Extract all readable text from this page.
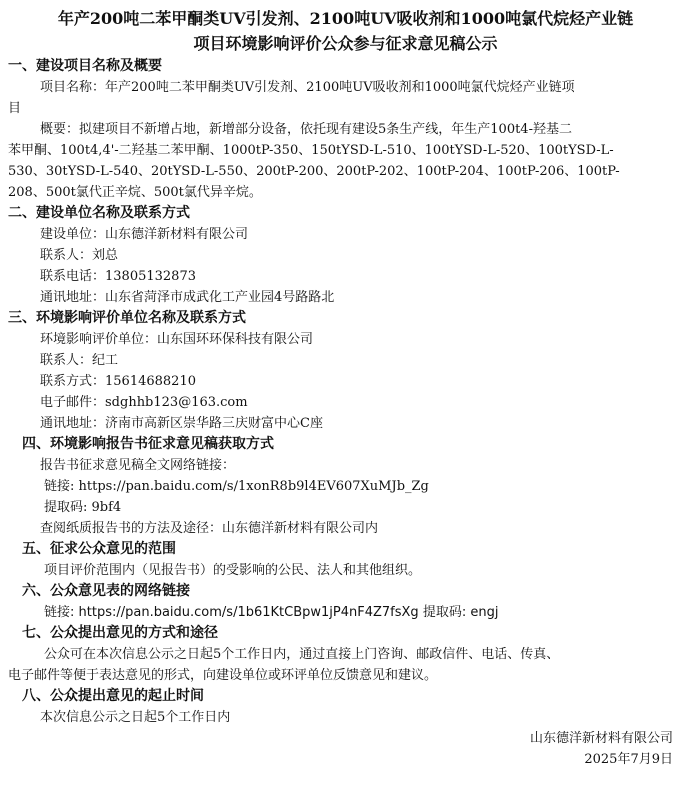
年产200吨二苯甲酮类UV引发剂、2100吨UV吸收剂和1000吨氯代烷烃产业链

项目环境影响评价公众参与征求意见稿公示

一、建设项目名称及概要

项目名称：年产200吨二苯甲酮类UV引发剂、2100吨UV吸收剂和1000吨氯代烷烃产业链项

目

概要：拟建项目不新增占地，新增部分设备，依托现有建设5条生产线，年生产100t4-羟基二

苯甲酮、100t4,4'-二羟基二苯甲酮、1000tP-350、150tYSD-L-510、100tYSD-L-520、100tYSD-L-

530、30tYSD-L-540、20tYSD-L-550、200tP-200、200tP-202、100tP-204、100tP-206、100tP-

208、500t氯代正辛烷、500t氯代异辛烷。

二、建设单位名称及联系方式

建设单位：山东德洋新材料有限公司

联系人：刘总

联系电话：13805132873

通讯地址：山东省菏泽市成武化工产业园4号路路北

三、环境影响评价单位名称及联系方式

环境影响评价单位：山东国环环保科技有限公司

联系人：纪工

联系方式：15614688210

电子邮件：sdghhb123@163.com

通讯地址：济南市高新区崇华路三庆财富中心C座

四、环境影响报告书征求意见稿获取方式

报告书征求意见稿全文网络链接：

链接: https://pan.baidu.com/s/1xonR8b9l4EV607XuMJb_Zg

提取码: 9bf4

查阅纸质报告书的方法及途径：山东德洋新材料有限公司内

五、征求公众意见的范围

项目评价范围内（见报告书）的受影响的公民、法人和其他组织。

六、公众意见表的网络链接

链接: https://pan.baidu.com/s/1b61KtCBpw1jP4nF4Z7fsXg 提取码: engj

七、公众提出意见的方式和途径

公众可在本次信息公示之日起5个工作日内，通过直接上门咨询、邮政信件、电话、传真、

电子邮件等便于表达意见的形式，向建设单位或环评单位反馈意见和建议。

八、公众提出意见的起止时间

本次信息公示之日起5个工作日内

山东德洋新材料有限公司

2025年7月9日
